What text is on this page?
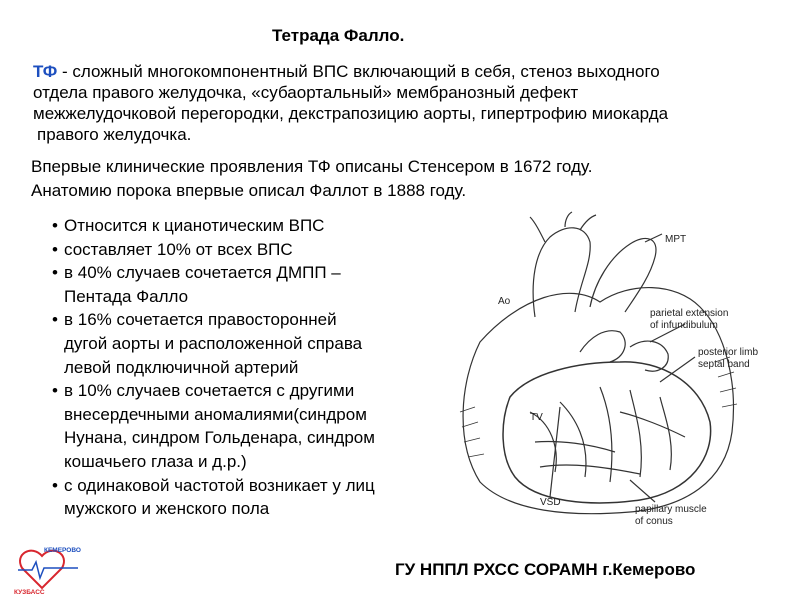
Тетрада Фалло.
ТФ - сложный многокомпонентный ВПС включающий в себя, стеноз выходного
отдела правого желудочка, «субаортальный» мембранозный дефект
межжелудочковой перегородки, декстрапозицию аорты, гипертрофию миокарда
правого желудочка.
Впервые клинические проявления ТФ описаны Стенсером в 1672 году.
Анатомию порока впервые описал Фаллот в 1888 году.
• Относится к цианотическим ВПС
• составляет 10% от всех ВПС
• в 40% случаев сочетается ДМПП –
Пентада Фалло
• в 16% сочетается правосторонней
дугой аорты и расположенной справа
левой подключичной артерий
• в 10% случаев сочетается с другими
внесердечными аномалиями(синдром
Нунана, синдром Гольденара, синдром
кошачьего глаза и д.р.)
• с одинаковой частотой возникает у лиц
мужского и женского пола
MPT
Ao
parietal extension
of infundibulum
posterior limb
septal band
TV
VSD
papillary muscle
of conus
КЕМЕРОВО
КУЗБАСС
ГУ НППЛ РХСС СОРАМН г.Кемерово
